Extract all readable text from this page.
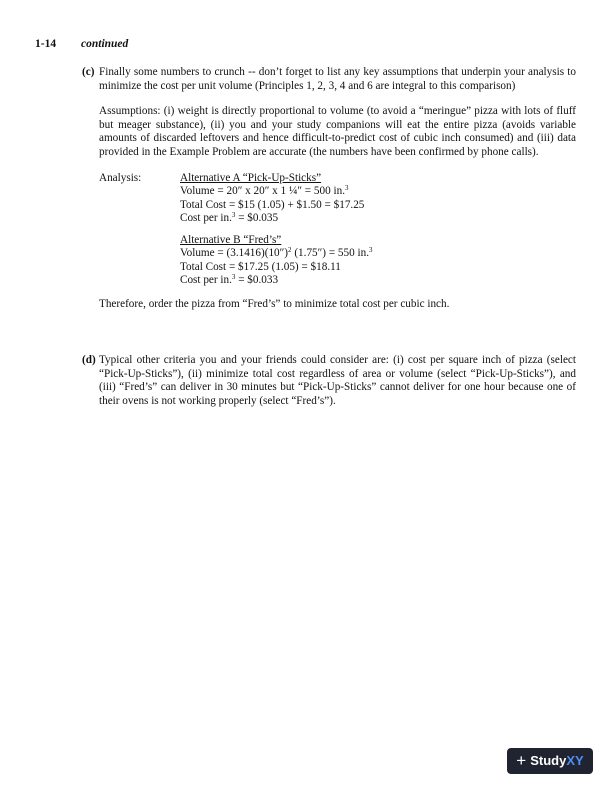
1-14 continued
(c) Finally some numbers to crunch -- don’t forget to list any key assumptions that underpin your analysis to minimize the cost per unit volume (Principles 1, 2, 3, 4 and 6 are integral to this comparison)

Assumptions: (i) weight is directly proportional to volume (to avoid a “meringue” pizza with lots of fluff but meager substance), (ii) you and your study companions will eat the entire pizza (avoids variable amounts of discarded leftovers and hence difficult-to-predict cost of cubic inch consumed) and (iii) data provided in the Example Problem are accurate (the numbers have been confirmed by phone calls).

Analysis:	Alternative A “Pick-Up-Sticks”
Volume = 20″ x 20″ x 1 ¼″ = 500 in.$^3$
Total Cost = $15 (1.05) + $1.50 = $17.25
Cost per in.$^3$ = $0.035
Alternative B “Fred’s”
Volume = $(3.1416)(10'')^2$ (1.75″) = 550 in.$^3$
Total Cost = $17.25 (1.05) = $18.11
Cost per in.$^3$ = $0.033

Therefore, order the pizza from “Fred’s” to minimize total cost per cubic inch.

(d) Typical other criteria you and your friends could consider are: (i) cost per square inch of pizza (select “Pick-Up-Sticks”), (ii) minimize total cost regardless of area or volume (select “Pick-Up-Sticks”), and (iii) “Fred’s” can deliver in 30 minutes but “Pick-Up-Sticks” cannot deliver for one hour because one of their ovens is not working properly (select “Fred’s”).

+ StudyXY
